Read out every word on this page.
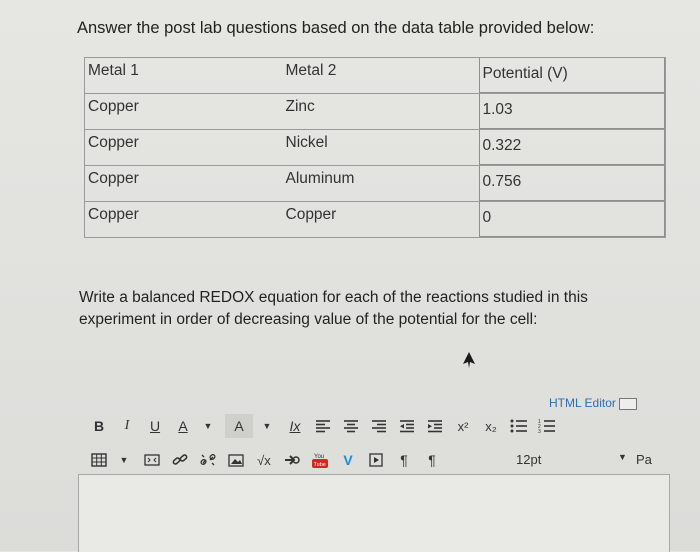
Answer the post lab questions based on the data table provided below:
Metal 1	Metal 2	Potential (V)

Copper	Zinc	1.03

Copper	Nickel	0.322

Copper	Aluminum	0.756

Copper	Copper	0
Write a balanced REDOX equation for each of the reactions studied in this experiment in order of decreasing value of the potential for the cell:
HTML Editor
B	I	U	A	▼	A	▼	Ix	x²	x₂	1
2
3
▼	√x	You
Tube	V	¶	¶	12pt	▼ Pa
